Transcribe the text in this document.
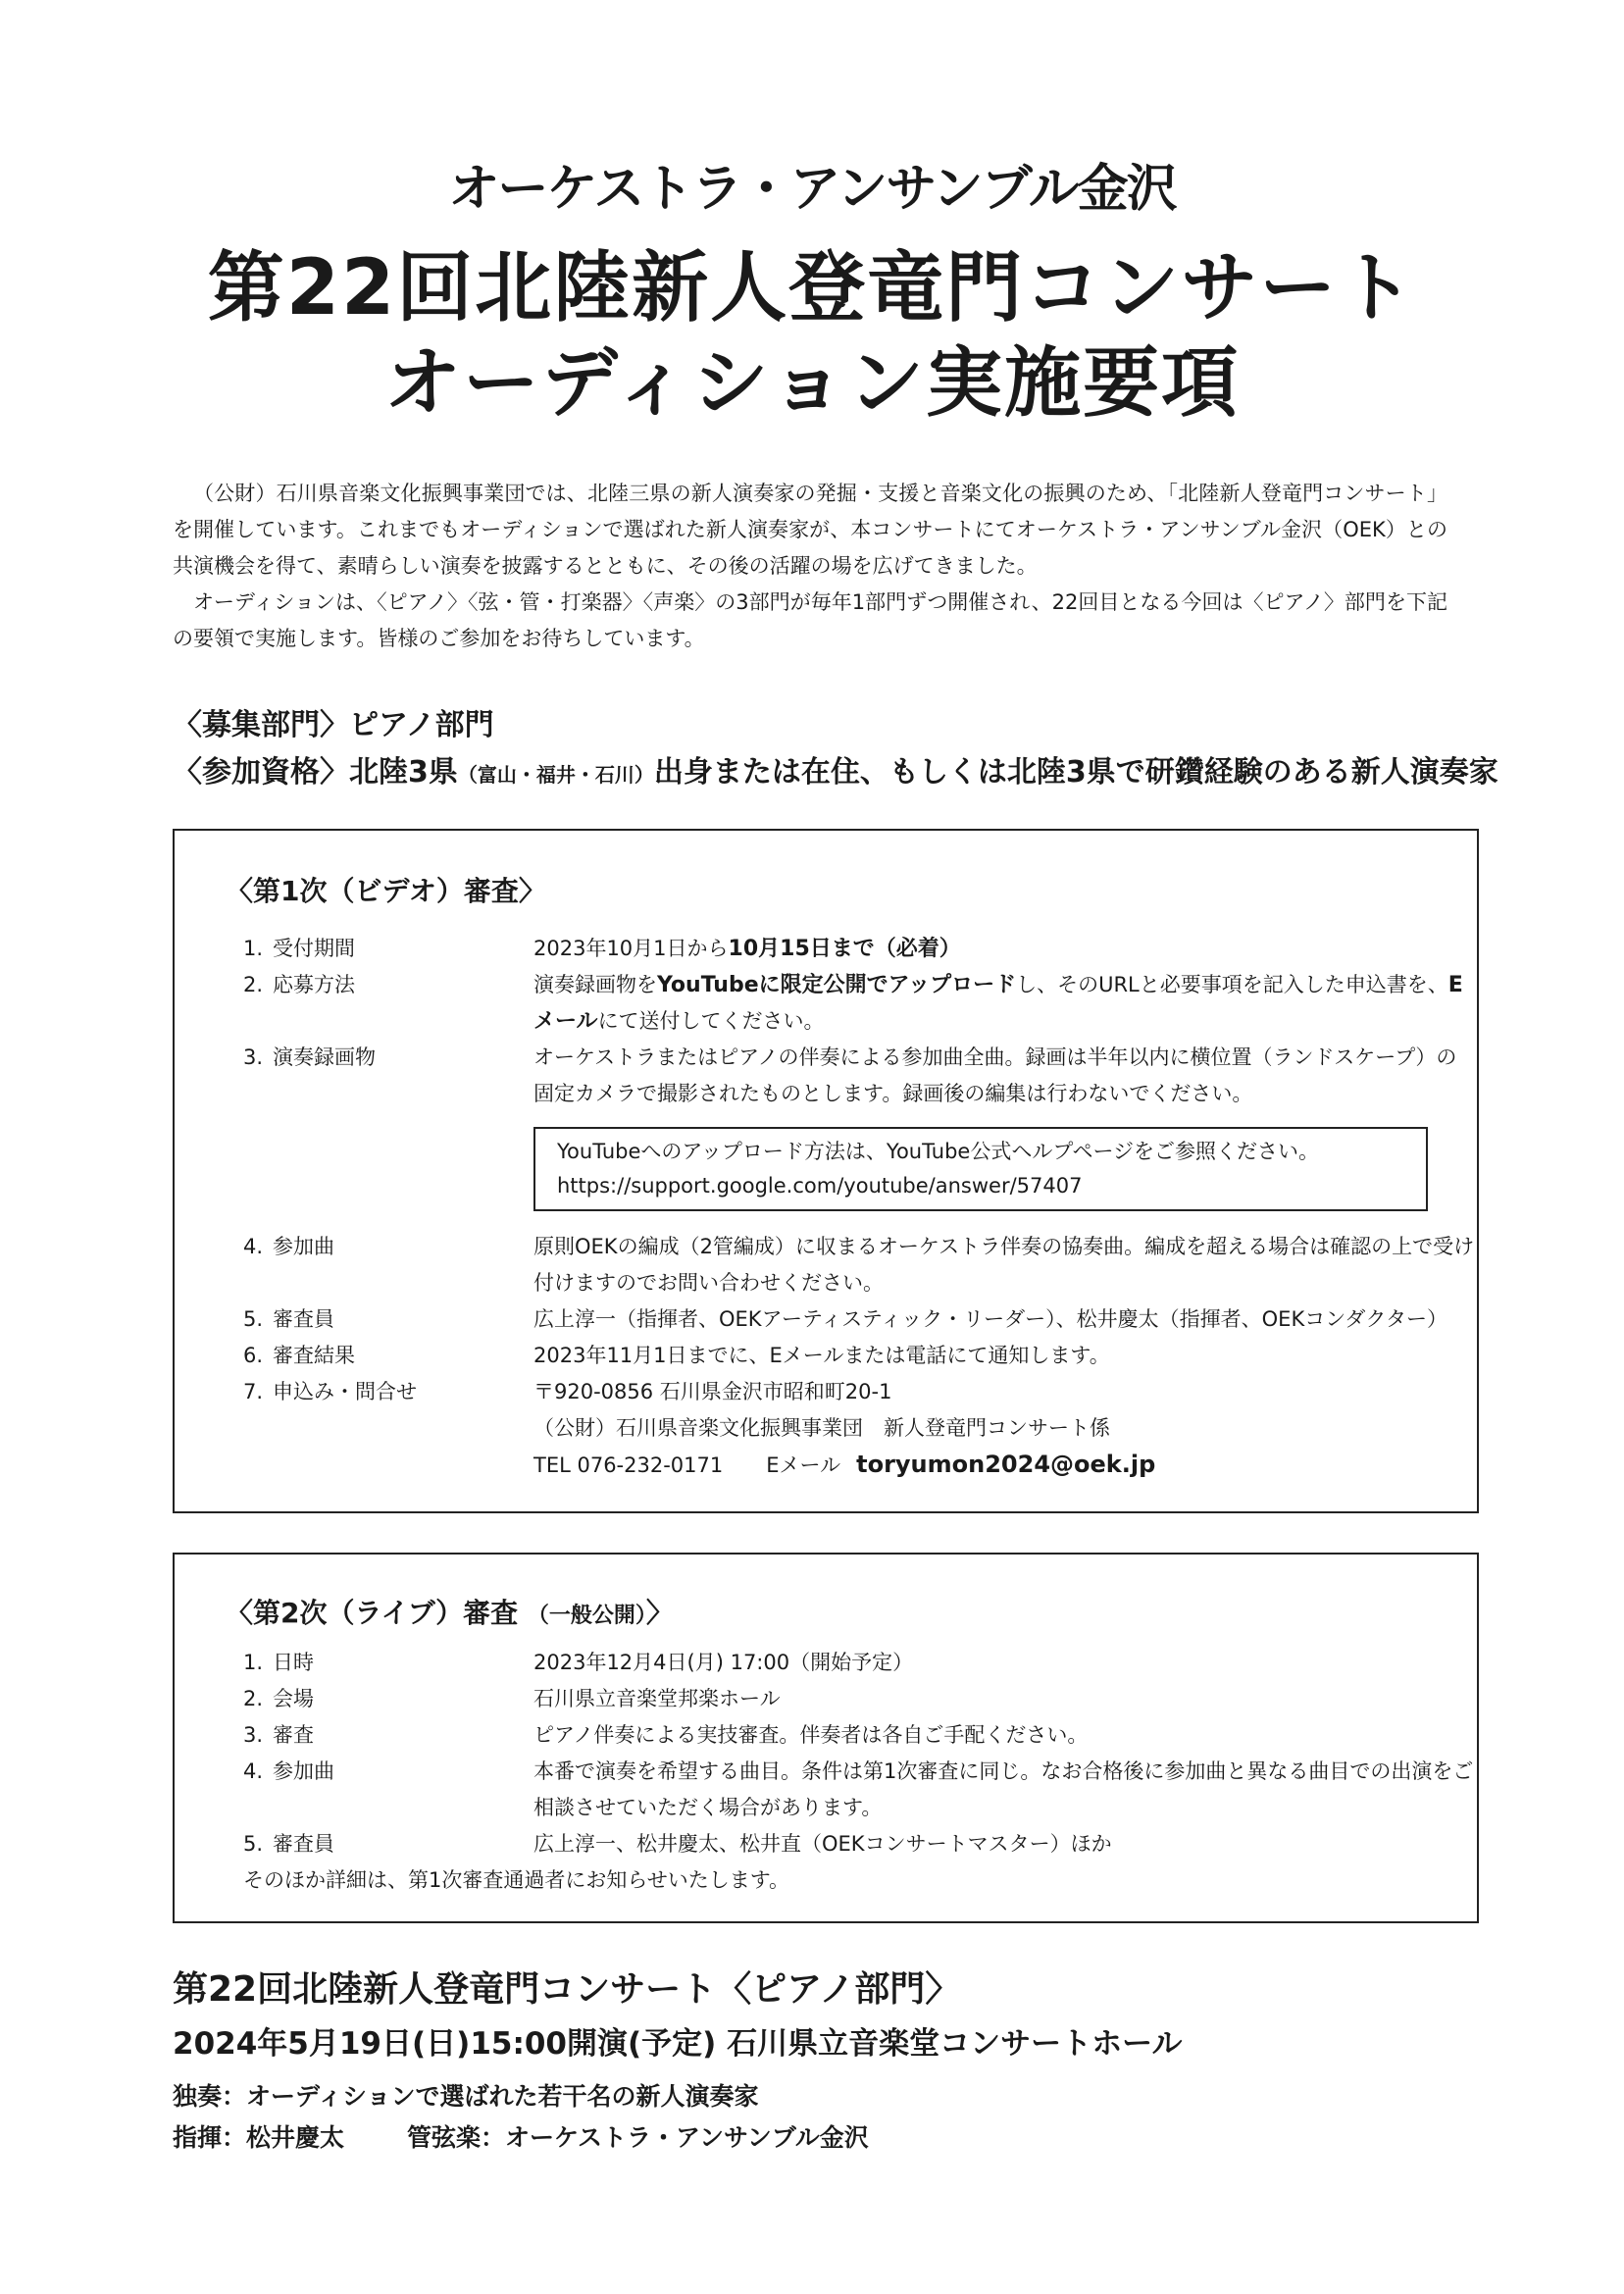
オーケストラ・アンサンブル金沢
第22回北陸新人登竜門コンサート
オーディション実施要項

（公財）石川県音楽文化振興事業団では、北陸三県の新人演奏家の発掘・支援と音楽文化の振興のため、「北陸新人登竜門コンサート」を開催しています。これまでもオーディションで選ばれた新人演奏家が、本コンサートにてオーケストラ・アンサンブル金沢（OEK）との共演機会を得て、素晴らしい演奏を披露するとともに、その後の活躍の場を広げてきました。

オーディションは、〈ピアノ〉〈弦・管・打楽器〉〈声楽〉の3部門が毎年1部門ずつ開催され、22回目となる今回は〈ピアノ〉部門を下記の要領で実施します。皆様のご参加をお待ちしています。

〈募集部門〉ピアノ部門
〈参加資格〉北陸3県（富山・福井・石川）出身または在住、もしくは北陸3県で研鑽経験のある新人演奏家
〈第1次（ビデオ）審査〉
1. 受付期間	2023年10月1日から10月15日まで（必着）
2. 応募方法	演奏録画物をYouTubeに限定公開でアップロードし、そのURLと必要事項を記入した申込書を、Eメールにて送付してください。
3. 演奏録画物	オーケストラまたはピアノの伴奏による参加曲全曲。録画は半年以内に横位置（ランドスケープ）の固定カメラで撮影されたものとします。録画後の編集は行わないでください。
YouTubeへのアップロード方法は、YouTube公式ヘルプページをご参照ください。
https://support.google.com/youtube/answer/57407
4. 参加曲	原則OEKの編成（2管編成）に収まるオーケストラ伴奏の協奏曲。編成を超える場合は確認の上で受け付けますのでお問い合わせください。
5. 審査員	広上淳一（指揮者、OEKアーティスティック・リーダー）、松井慶太（指揮者、OEKコンダクター）
6. 審査結果	2023年11月1日までに、Eメールまたは電話にて通知します。
7. 申込み・問合せ	〒920-0856 石川県金沢市昭和町20-1
（公財）石川県音楽文化振興事業団　新人登竜門コンサート係
TEL 076-232-0171 Eメール toryumon2024@oek.jp
〈第2次（ライブ）審査 （一般公開）〉
1. 日時	2023年12月4日(月) 17:00（開始予定）
2. 会場	石川県立音楽堂邦楽ホール
3. 審査	ピアノ伴奏による実技審査。伴奏者は各自ご手配ください。
4. 参加曲	本番で演奏を希望する曲目。条件は第1次審査に同じ。なお合格後に参加曲と異なる曲目での出演をご相談させていただく場合があります。
5. 審査員	広上淳一、松井慶太、松井直（OEKコンサートマスター）ほか
そのほか詳細は、第1次審査通過者にお知らせいたします。
第22回北陸新人登竜門コンサート〈ピアノ部門〉
2024年5月19日(日)15:00開演(予定) 石川県立音楽堂コンサートホール
独奏：オーディションで選ばれた若干名の新人演奏家
指揮：松井慶太	管弦楽：オーケストラ・アンサンブル金沢
